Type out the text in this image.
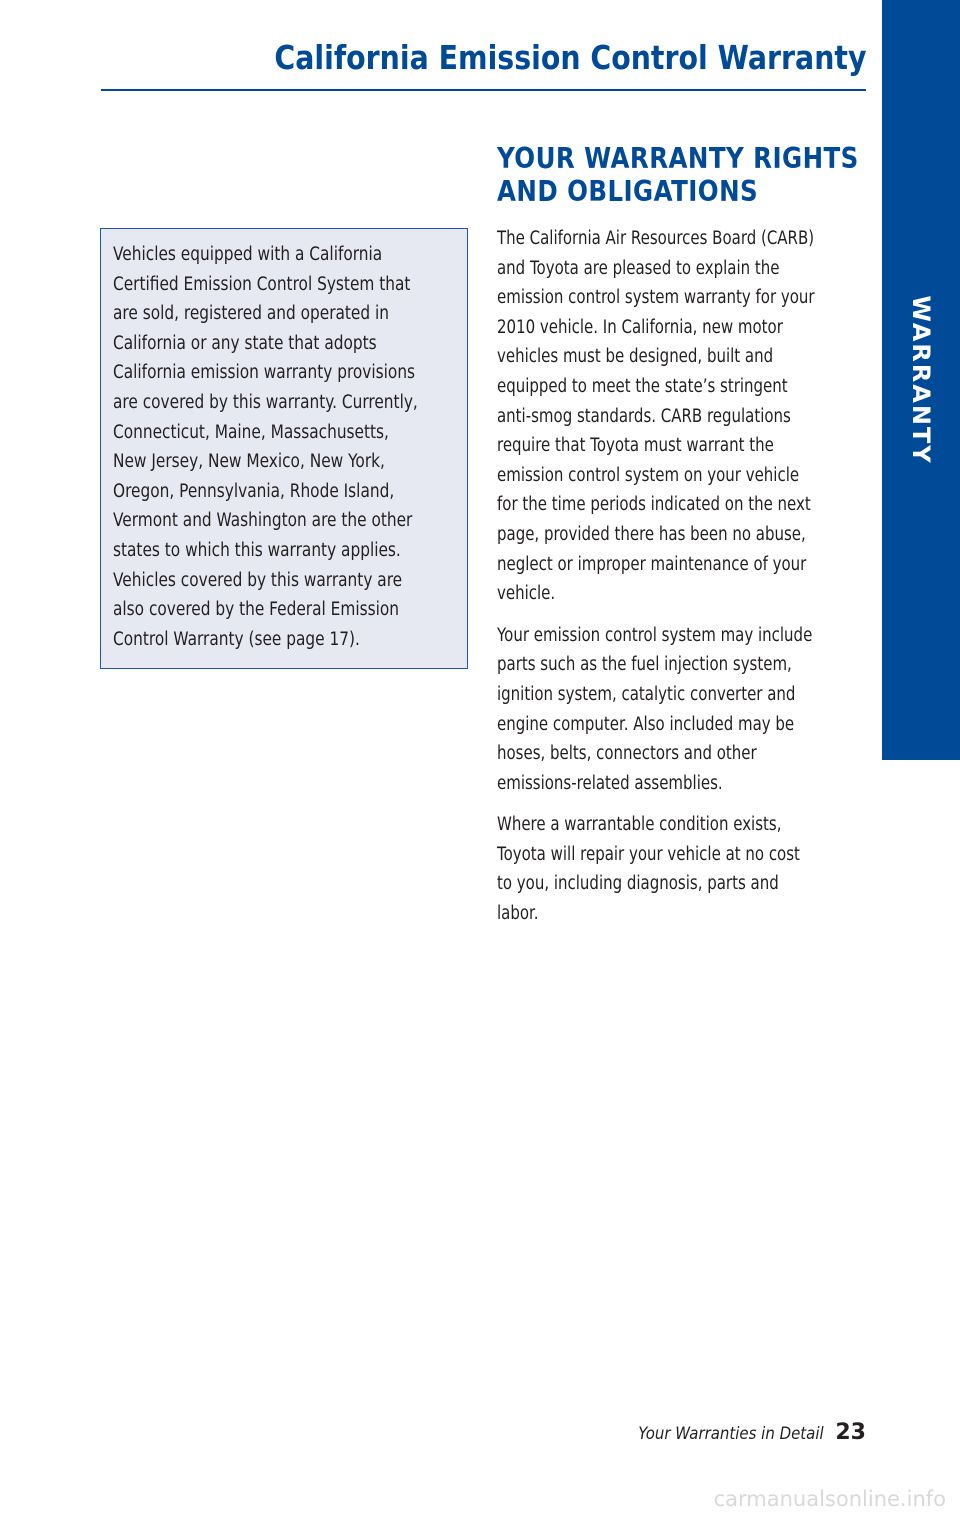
California Emission Control Warranty
WARRANTY

Vehicles equipped with a California
Certified Emission Control System that
are sold, registered and operated in
California or any state that adopts
California emission warranty provisions
are covered by this warranty. Currently,
Connecticut, Maine, Massachusetts,
New Jersey, New Mexico, New York,
Oregon, Pennsylvania, Rhode Island,
Vermont and Washington are the other
states to which this warranty applies.
Vehicles covered by this warranty are
also covered by the Federal Emission
Control Warranty (see page 17).

YOUR WARRANTY RIGHTS
AND OBLIGATIONS

The California Air Resources Board (CARB)
and Toyota are pleased to explain the
emission control system warranty for your
2010 vehicle. In California, new motor
vehicles must be designed, built and
equipped to meet the state’s stringent
anti-smog standards. CARB regulations
require that Toyota must warrant the
emission control system on your vehicle
for the time periods indicated on the next
page, provided there has been no abuse,
neglect or improper maintenance of your
vehicle.

Your emission control system may include
parts such as the fuel injection system,
ignition system, catalytic converter and
engine computer. Also included may be
hoses, belts, connectors and other
emissions-related assemblies.

Where a warrantable condition exists,
Toyota will repair your vehicle at no cost
to you, including diagnosis, parts and
labor.

Your Warranties in Detail 23
carmanualsonline.info
